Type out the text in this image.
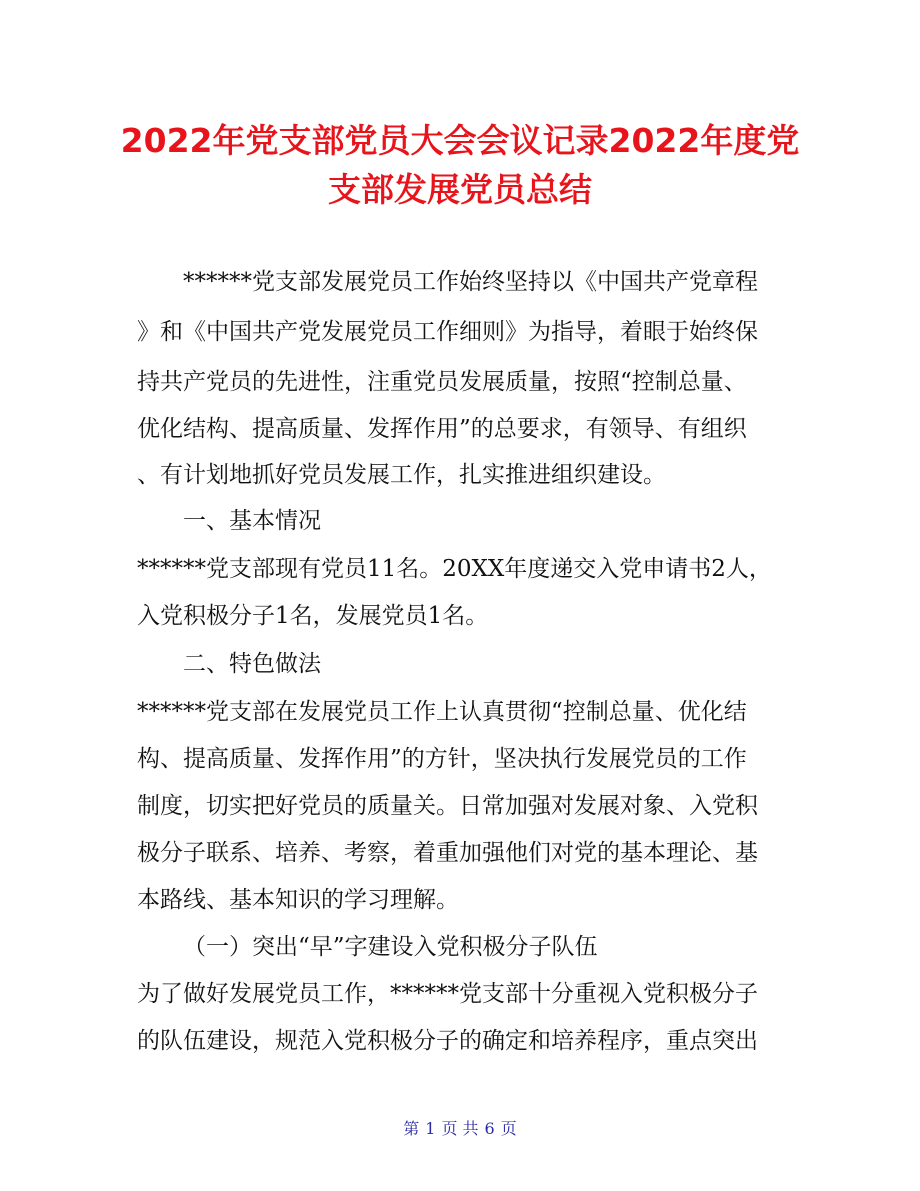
2022年党支部党员大会会议记录2022年度党
支部发展党员总结
******党支部发展党员工作始终坚持以《中国共产党章程
》和《中国共产党发展党员工作细则》为指导，着眼于始终保
持共产党员的先进性，注重党员发展质量，按照“控制总量、
优化结构、提高质量、发挥作用”的总要求，有领导、有组织
、有计划地抓好党员发展工作，扎实推进组织建设。
一、基本情况
******党支部现有党员11名。20XX年度递交入党申请书2人，
入党积极分子1名，发展党员1名。
二、特色做法
******党支部在发展党员工作上认真贯彻“控制总量、优化结
构、提高质量、发挥作用”的方针，坚决执行发展党员的工作
制度，切实把好党员的质量关。日常加强对发展对象、入党积
极分子联系、培养、考察，着重加强他们对党的基本理论、基
本路线、基本知识的学习理解。
（一）突出“早”字建设入党积极分子队伍
为了做好发展党员工作，******党支部十分重视入党积极分子
的队伍建设，规范入党积极分子的确定和培养程序，重点突出
第 1 页 共 6 页
